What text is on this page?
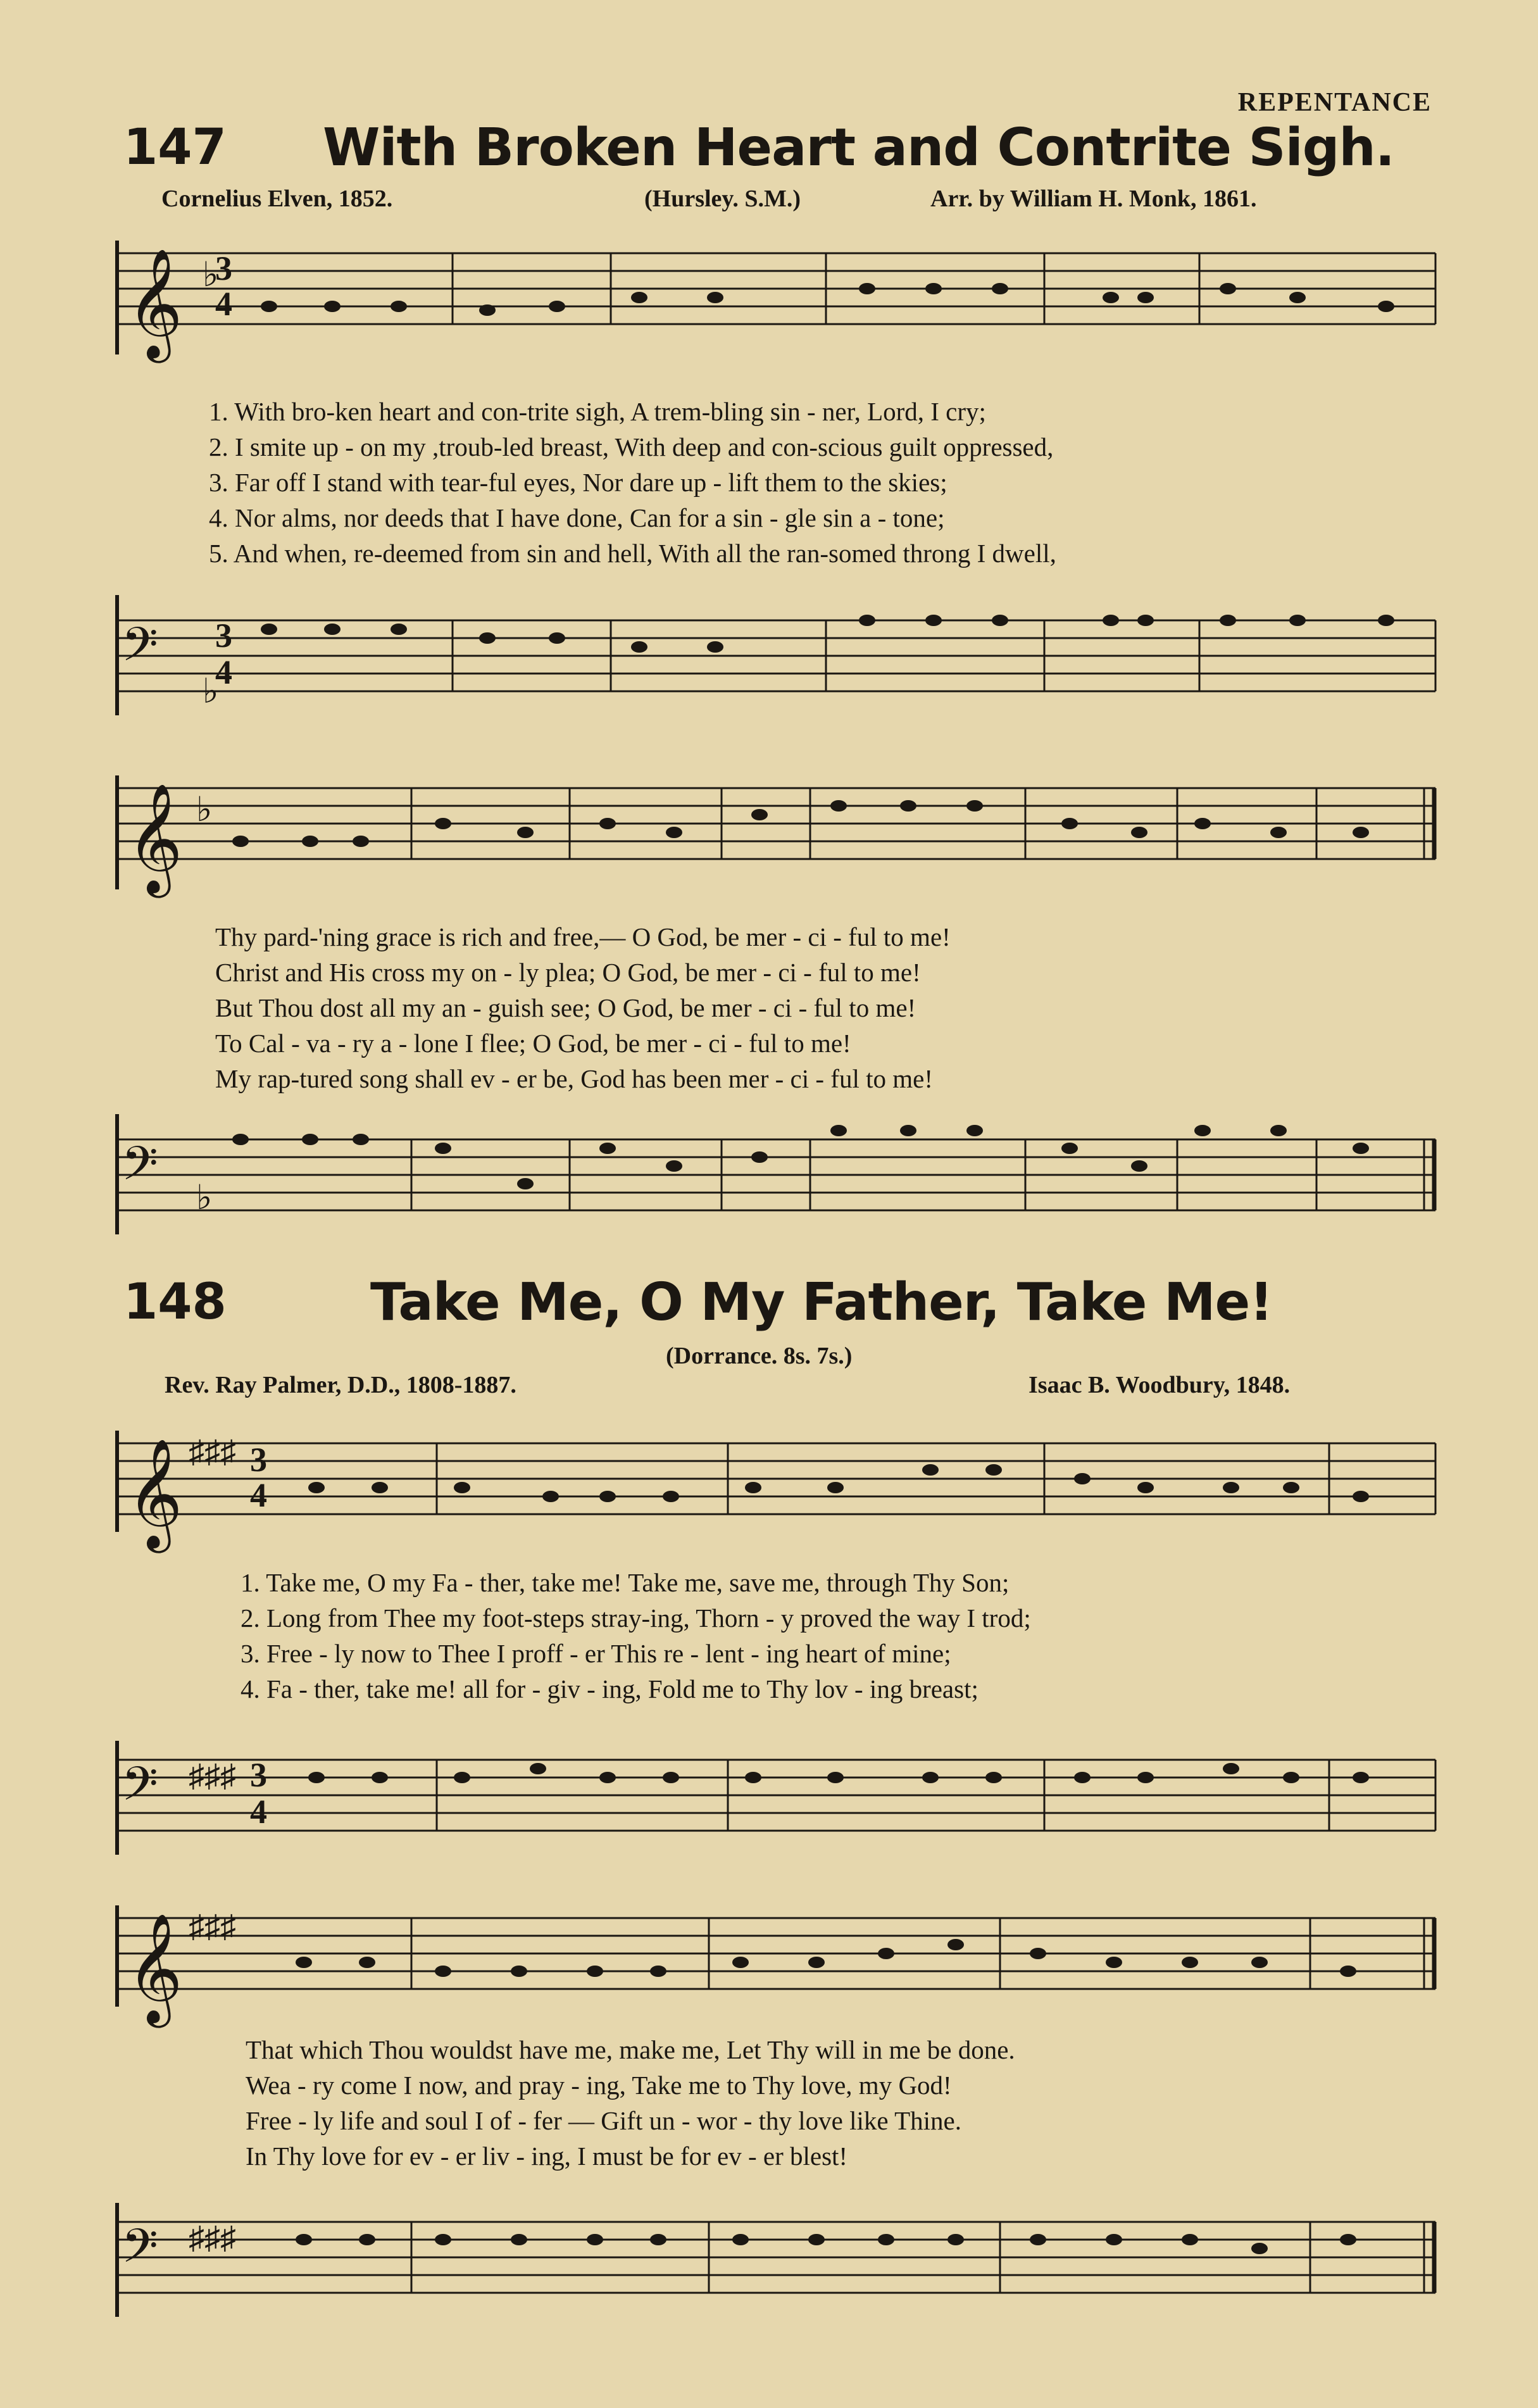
REPENTANCE
147 With Broken Heart and Contrite Sigh.
Cornelius Elven, 1852.	(Hursley. S.M.)	Arr. by William H. Monk, 1861.
𝄞 ♭
3
4
1. With bro-ken heart and con-trite sigh, A trem-bling sin - ner, Lord, I cry;
2. I smite up - on my ,troub-led breast, With deep and con-scious guilt oppressed,
3. Far off I stand with tear-ful eyes, Nor dare up - lift them to the skies;
4. Nor alms, nor deeds that I have done, Can for a sin - gle sin a - tone;
5. And when, re-deemed from sin and hell, With all the ran-somed throng I dwell,
𝄢
♭
3
4
𝄞 ♭
Thy pard-'ning grace is rich and free,— O God, be mer - ci - ful to me!
Christ and His cross my on - ly plea; O God, be mer - ci - ful to me!
But Thou dost all my an - guish see; O God, be mer - ci - ful to me!
To Cal - va - ry a - lone I flee; O God, be mer - ci - ful to me!
My rap-tured song shall ev - er be, God has been mer - ci - ful to me!
𝄢 ♭
148	Take Me, O My Father, Take Me!
(Dorrance. 8s. 7s.)
Rev. Ray Palmer, D.D., 1808-1887.	Isaac B. Woodbury, 1848.
𝄞 ♯♯♯ 3
4
1. Take me, O my Fa - ther, take me! Take me, save me, through Thy Son;
2. Long from Thee my foot-steps stray-ing, Thorn - y proved the way I trod;
3. Free - ly now to Thee I proff - er This re - lent - ing heart of mine;
4. Fa - ther, take me! all for - giv - ing, Fold me to Thy lov - ing breast;
𝄢 ♯♯♯ 3
4
𝄞 ♯♯♯
That which Thou wouldst have me, make me, Let Thy will in me be done.
Wea - ry come I now, and pray - ing, Take me to Thy love, my God!
Free - ly life and soul I of - fer — Gift un - wor - thy love like Thine.
In Thy love for ev - er liv - ing, I must be for ev - er blest!
𝄢 ♯♯♯
